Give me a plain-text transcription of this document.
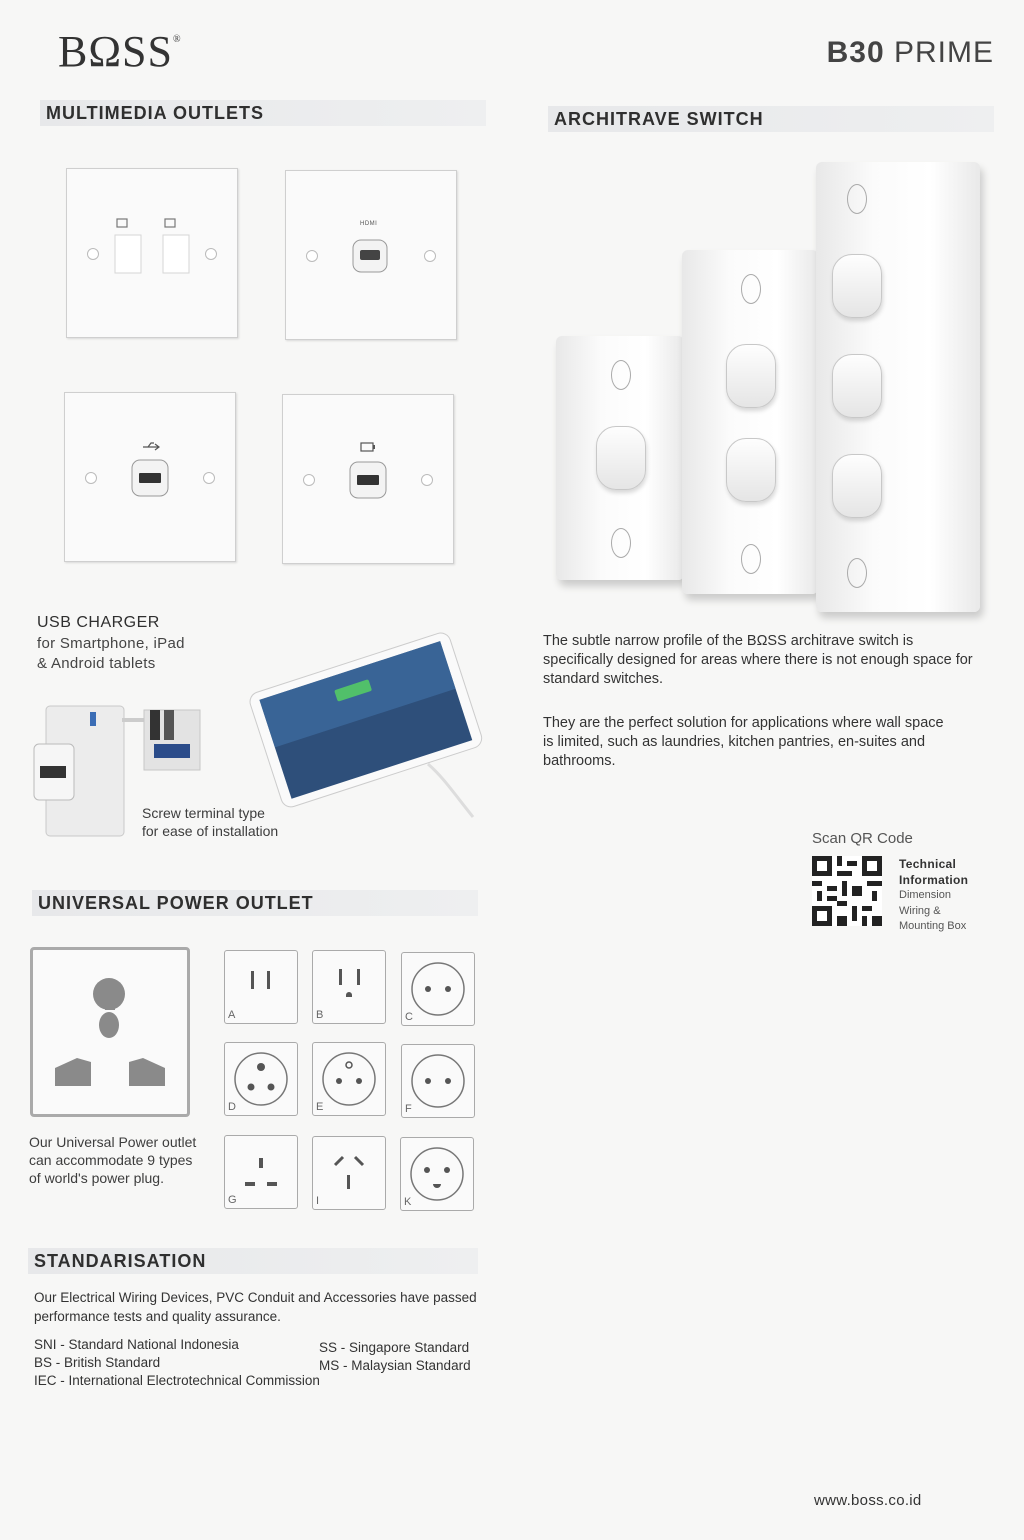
BΩSS®	B30 PRIME
MULTIMEDIA OUTLETS
HDMI
USB CHARGER
for Smartphone, iPad
& Android tablets
Screw terminal type
for ease of installation
ARCHITRAVE SWITCH
The subtle narrow profile of the BΩSS architrave switch is
specifically designed for areas where there is not enough space for
standard switches.
They are the perfect solution for applications where wall space
is limited, such as laundries, kitchen pantries, en-suites and
bathrooms.
Scan QR Code
Technical
Information
Dimension
Wiring &
Mounting Box
UNIVERSAL POWER OUTLET
Our Universal Power outlet
can accommodate 9 types
of world's power plug.
A	B	C
D	E	F
G	I	K
STANDARISATION
Our Electrical Wiring Devices, PVC Conduit and Accessories have passed
performance tests and quality assurance.
SNI - Standard National Indonesia
BS - British Standard
IEC - International Electrotechnical Commission
SS - Singapore Standard
MS - Malaysian Standard
www.boss.co.id
